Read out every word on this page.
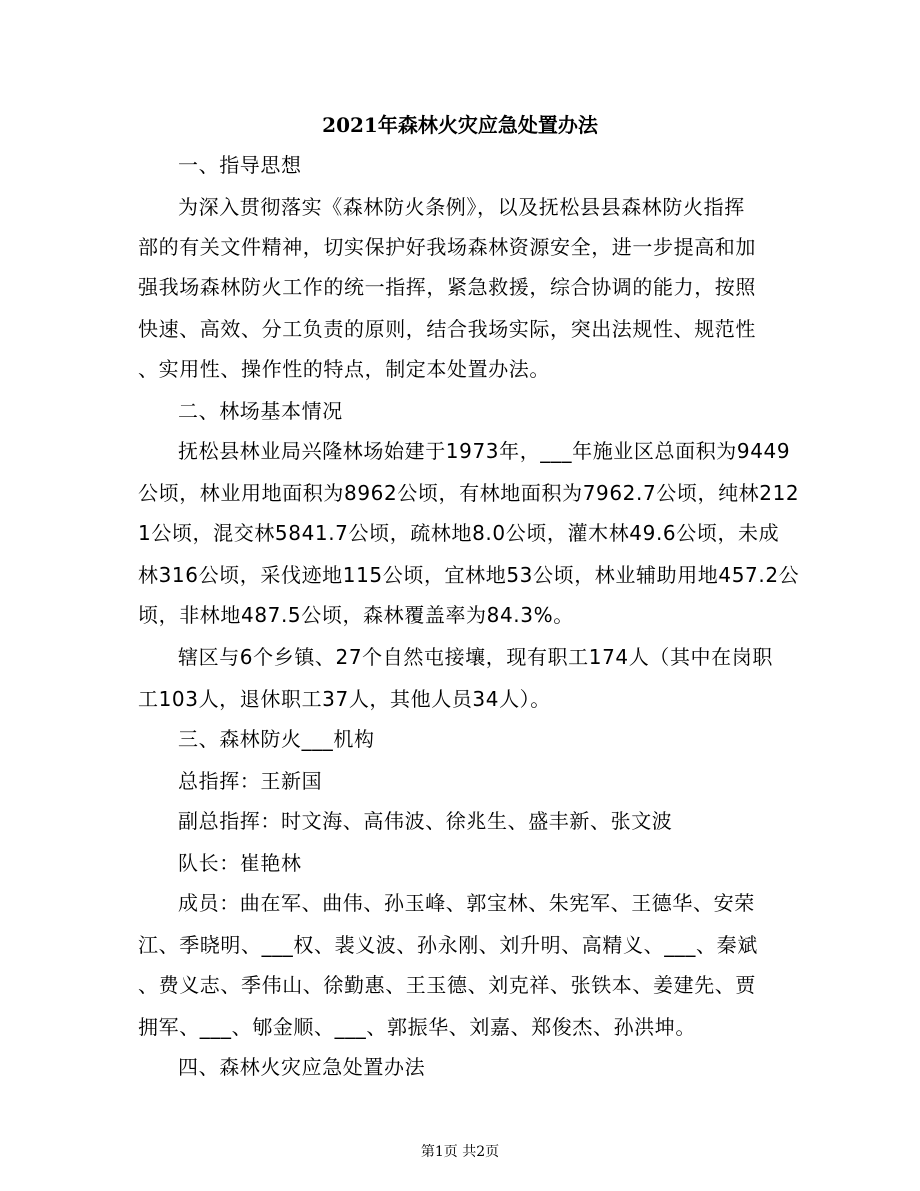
2021年森林火灾应急处置办法
一、指导思想
为深入贯彻落实《森林防火条例》，以及抚松县县森林防火指挥
部的有关文件精神，切实保护好我场森林资源安全，进一步提高和加
强我场森林防火工作的统一指挥，紧急救援，综合协调的能力，按照
快速、高效、分工负责的原则，结合我场实际，突出法规性、规范性
、实用性、操作性的特点，制定本处置办法。
二、林场基本情况
抚松县林业局兴隆林场始建于1973年，___年施业区总面积为9449
公顷，林业用地面积为8962公顷，有林地面积为7962.7公顷，纯林212
1公顷，混交林5841.7公顷，疏林地8.0公顷，灌木林49.6公顷，未成
林316公顷，采伐迹地115公顷，宜林地53公顷，林业辅助用地457.2公
顷，非林地487.5公顷，森林覆盖率为84.3%。
辖区与6个乡镇、27个自然屯接壤，现有职工174人（其中在岗职
工103人，退休职工37人，其他人员34人）。
三、森林防火___机构
总指挥：王新国
副总指挥：时文海、高伟波、徐兆生、盛丰新、张文波
队长：崔艳林
成员：曲在军、曲伟、孙玉峰、郭宝林、朱宪军、王德华、安荣
江、季晓明、___权、裴义波、孙永刚、刘升明、高精义、___、秦斌
、费义志、季伟山、徐勤惠、王玉德、刘克祥、张铁本、姜建先、贾
拥军、___、郇金顺、___、郭振华、刘嘉、郑俊杰、孙洪坤。
四、森林火灾应急处置办法
第1页 共2页
